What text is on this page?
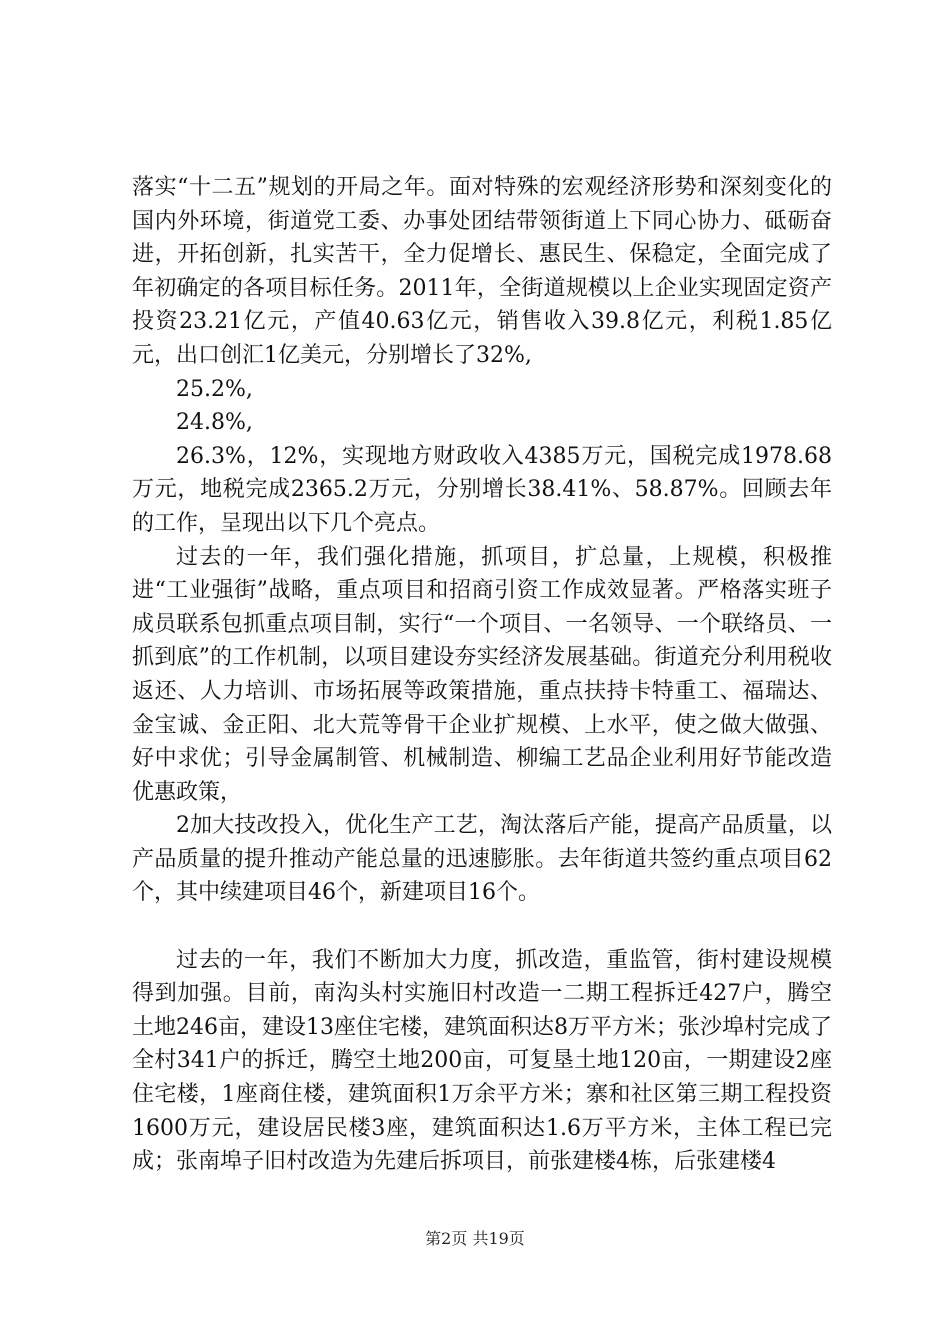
落实“十二五”规划的开局之年。面对特殊的宏观经济形势和深刻变化的国内外环境，街道党工委、办事处团结带领街道上下同心协力、砥砺奋进，开拓创新，扎实苦干，全力促增长、惠民生、保稳定，全面完成了年初确定的各项目标任务。2011年，全街道规模以上企业实现固定资产投资23.21亿元，产值40.63亿元，销售收入39.8亿元，利税1.85亿元，出口创汇1亿美元，分别增长了32%,

25.2%,

24.8%,

26.3%，12%，实现地方财政收入4385万元，国税完成1978.68万元，地税完成2365.2万元，分别增长38.41%、58.87%。回顾去年的工作，呈现出以下几个亮点。

过去的一年，我们强化措施，抓项目，扩总量，上规模，积极推进“工业强街”战略，重点项目和招商引资工作成效显著。严格落实班子成员联系包抓重点项目制，实行“一个项目、一名领导、一个联络员、一抓到底”的工作机制，以项目建设夯实经济发展基础。街道充分利用税收返还、人力培训、市场拓展等政策措施，重点扶持卡特重工、福瑞达、金宝诚、金正阳、北大荒等骨干企业扩规模、上水平，使之做大做强、好中求优；引导金属制管、机械制造、柳编工艺品企业利用好节能改造优惠政策，

2加大技改投入，优化生产工艺，淘汰落后产能，提高产品质量，以产品质量的提升推动产能总量的迅速膨胀。去年街道共签约重点项目62个，其中续建项目46个，新建项目16个。

过去的一年，我们不断加大力度，抓改造，重监管，街村建设规模得到加强。目前，南沟头村实施旧村改造一二期工程拆迁427户，腾空土地246亩，建设13座住宅楼，建筑面积达8万平方米；张沙埠村完成了全村341户的拆迁，腾空土地200亩，可复垦土地120亩，一期建设2座住宅楼，1座商住楼，建筑面积1万余平方米；寨和社区第三期工程投资1600万元，建设居民楼3座，建筑面积达1.6万平方米，主体工程已完成；张南埠子旧村改造为先建后拆项目，前张建楼4栋，后张建楼4

第2页 共19页
